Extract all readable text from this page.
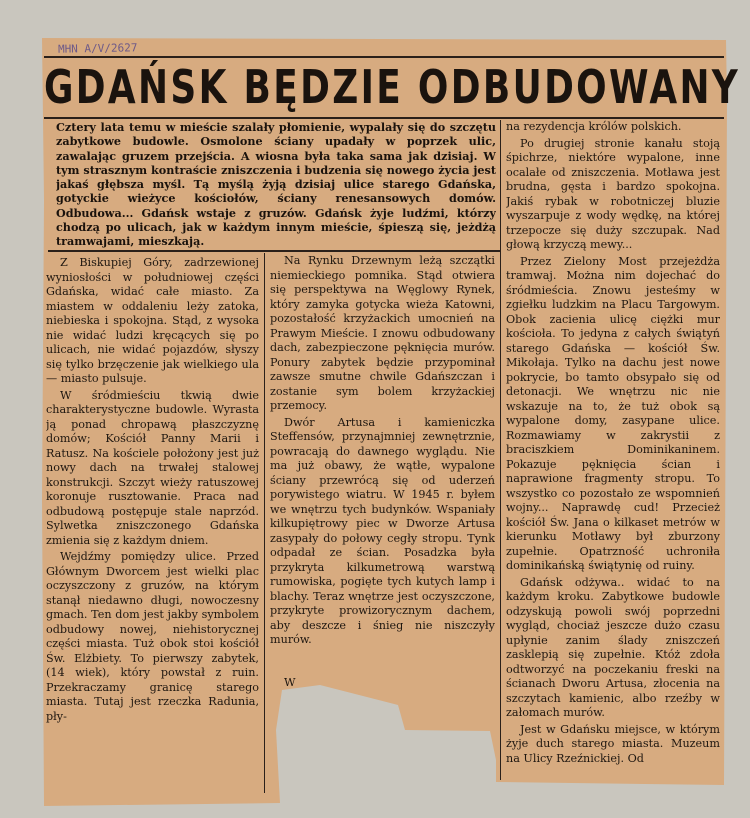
MHN A/V/2627
GDAŃSK BĘDZIE ODBUDOWANY
Cztery lata temu w mieście szalały płomienie, wypalały się do szczętu zabytkowe budowle. Osmolone ściany upadały w poprzek ulic, zawalając gruzem przejścia. A wiosna była taka sama jak dzisiaj. W tym strasznym kontraście zniszczenia i budzenia się nowego życia jest jakaś głębsza myśl. Tą myślą żyją dzisiaj ulice starego Gdańska, gotyckie wieżyce kościołów, ściany renesansowych domów. Odbudowa... Gdańsk wstaje z gruzów. Gdańsk żyje ludźmi, którzy chodzą po ulicach, jak w każdym innym mieście, śpieszą się, jeżdżą tramwajami, mieszkają.

Z Biskupiej Góry, zadrzewionej wyniosłości w południowej części Gdańska, widać całe miasto. Za miastem w oddaleniu leży zatoka, niebieska i spokojna. Stąd, z wysoka nie widać ludzi kręcących się po ulicach, nie widać pojazdów, słyszy się tylko brzęczenie jak wielkiego ula — miasto pulsuje.

W śródmieściu tkwią dwie charakterystyczne budowle. Wyrasta ją ponad chropawą płaszczyznę domów; Kościół Panny Marii i Ratusz. Na kościele położony jest już nowy dach na trwałej stalowej konstrukcji. Szczyt wieży ratuszowej koronuje rusztowanie. Praca nad odbudową postępuje stale naprzód. Sylwetka zniszczonego Gdańska zmienia się z każdym dniem.

Wejdźmy pomiędzy ulice. Przed Głównym Dworcem jest wielki plac oczyszczony z gruzów, na którym stanął niedawno długi, nowoczesny gmach. Ten dom jest jakby symbolem odbudowy nowej, niehistorycznej części miasta. Tuż obok stoi kościół Św. Elżbiety. To pierwszy zabytek, (14 wiek), który powstał z ruin. Przekraczamy granicę starego miasta. Tutaj jest rzeczka Radunia, pły-

Na Rynku Drzewnym leżą szczątki niemieckiego pomnika. Stąd otwiera się perspektywa na Węglowy Rynek, który zamyka gotycka wieża Katowni, pozostałość krzyżackich umocnień na Prawym Mieście. I znowu odbudowany dach, zabezpieczone pęknięcia murów. Ponury zabytek będzie przypominał zawsze smutne chwile Gdańszczan i zostanie sym bolem krzyżackiej przemocy.

Dwór Artusa i kamieniczka Steffensów, przynajmniej zewnętrznie, powracają do dawnego wyglądu. Nie ma już obawy, że wątłe, wypalone ściany przewrócą się od uderzeń porywistego wiatru. W 1945 r. byłem we wnętrzu tych budynków. Wspaniały kilkupiętrowy piec w Dworze Artusa zasypały do połowy cegły stropu. Tynk odpadał ze ścian. Posadzka była przykryta kilkumetrową warstwą rumowiska, pogięte tych kutych lamp i blachy. Teraz wnętrze jest oczyszczone, przykryte prowizorycznym dachem, aby deszcze i śnieg nie niszczyły murów.

W

na rezydencja królów polskich.

Po drugiej stronie kanału stoją śpichrze, niektóre wypalone, inne ocalałe od zniszczenia. Motława jest brudna, gęsta i bardzo spokojna. Jakiś rybak w robotniczej bluzie wyszarpuje z wody wędkę, na której trzepocze się duży szczupak. Nad głową krzyczą mewy...

Przez Zielony Most przejeżdża tramwaj. Można nim dojechać do śródmieścia. Znowu jesteśmy w zgiełku ludzkim na Placu Targowym. Obok zacienia ulicę ciężki mur kościoła. To jedyna z całych świątyń starego Gdańska — kościół Św. Mikołaja. Tylko na dachu jest nowe pokrycie, bo tamto obsypało się od detonacji. We wnętrzu nic nie wskazuje na to, że tuż obok są wypalone domy, zasypane ulice. Rozmawiamy w zakrystii z braciszkiem Dominikaninem. Pokazuje pęknięcia ścian i naprawione fragmenty stropu. To wszystko co pozostało ze wspomnień wojny... Naprawdę cud! Przecież kościół Św. Jana o kilkaset metrów w kierunku Motławy był zburzony zupełnie. Opatrzność uchroniła dominikańską świątynię od ruiny.

Gdańsk odżywa.. widać to na każdym kroku. Zabytkowe budowle odzyskują powoli swój poprzedni wygląd, chociaż jeszcze dużo czasu upłynie zanim ślady zniszczeń zasklepią się zupełnie. Któż zdoła odtworzyć na poczekaniu freski na ścianach Dworu Artusa, złocenia na szczytach kamienic, albo rzeźby w załomach murów.

Jest w Gdańsku miejsce, w którym żyje duch starego miasta. Muzeum na Ulicy Rzeźnickiej. Od
